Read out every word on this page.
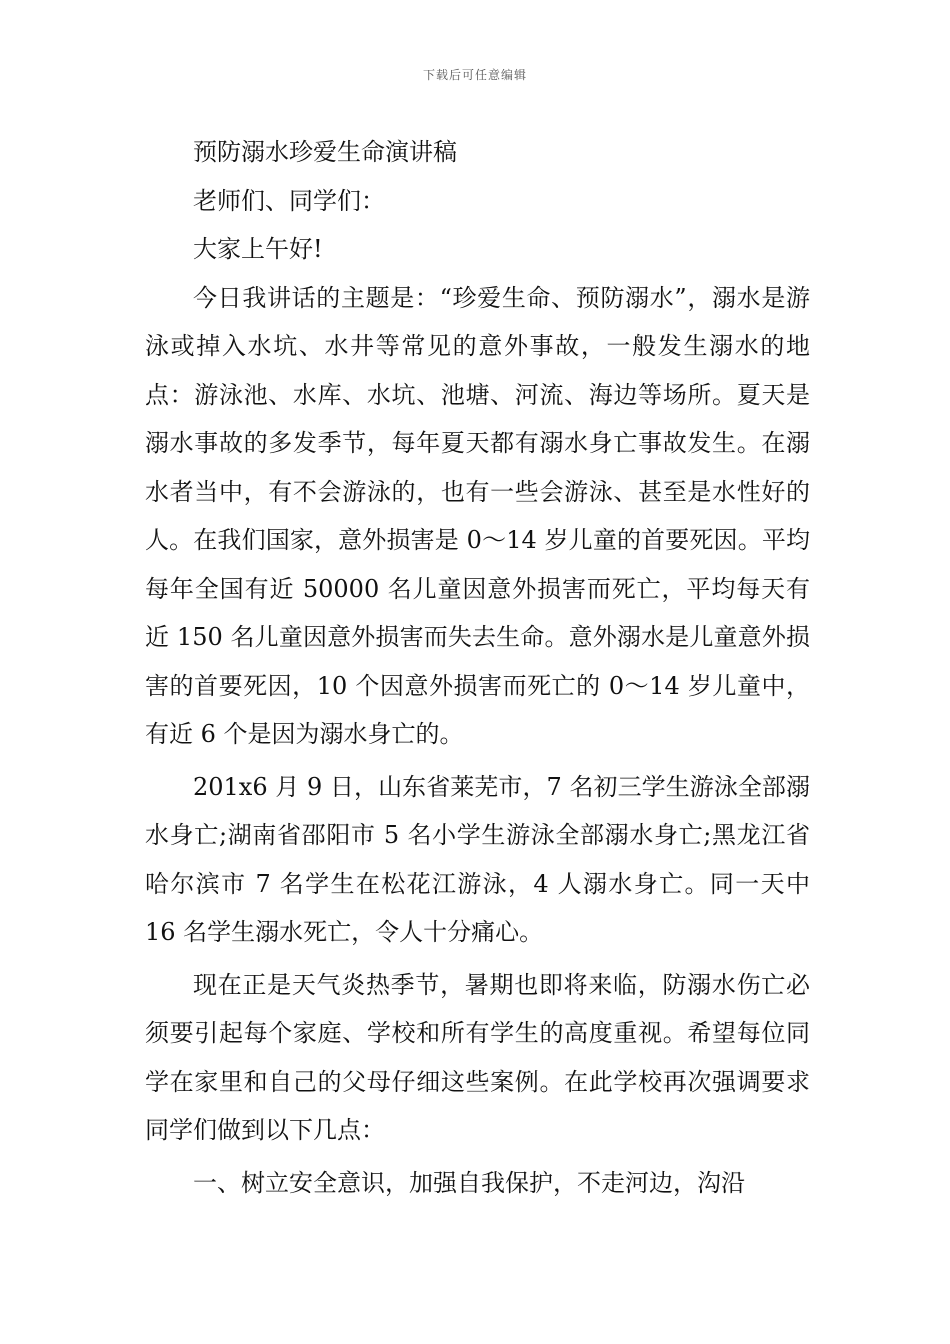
下载后可任意编辑

预防溺水珍爱生命演讲稿

老师们、同学们：

大家上午好!

今日我讲话的主题是：“珍爱生命、预防溺水”，溺水是游泳或掉入水坑、水井等常见的意外事故，一般发生溺水的地点：游泳池、水库、水坑、池塘、河流、海边等场所。夏天是溺水事故的多发季节，每年夏天都有溺水身亡事故发生。在溺水者当中，有不会游泳的，也有一些会游泳、甚至是水性好的人。在我们国家，意外损害是 0～14 岁儿童的首要死因。平均每年全国有近 50000 名儿童因意外损害而死亡，平均每天有近 150 名儿童因意外损害而失去生命。意外溺水是儿童意外损害的首要死因，10 个因意外损害而死亡的 0～14 岁儿童中，有近 6 个是因为溺水身亡的。

201x6 月 9 日，山东省莱芜市，7 名初三学生游泳全部溺水身亡;湖南省邵阳市 5 名小学生游泳全部溺水身亡;黑龙江省哈尔滨市 7 名学生在松花江游泳，4 人溺水身亡。同一天中 16 名学生溺水死亡，令人十分痛心。

现在正是天气炎热季节，暑期也即将来临，防溺水伤亡必须要引起每个家庭、学校和所有学生的高度重视。希望每位同学在家里和自己的父母仔细这些案例。在此学校再次强调要求同学们做到以下几点：

一、树立安全意识，加强自我保护，不走河边，沟沿
